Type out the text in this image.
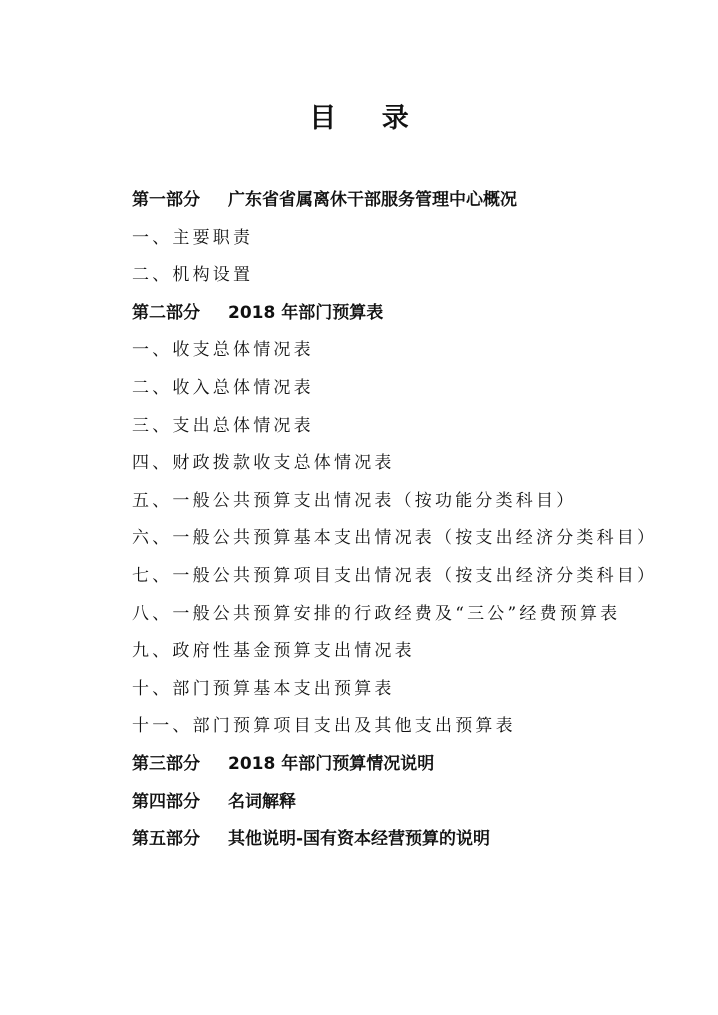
目 录
第一部分 广东省省属离休干部服务管理中心概况
一、主要职责
二、机构设置
第二部分 2018 年部门预算表
一、收支总体情况表
二、收入总体情况表
三、支出总体情况表
四、财政拨款收支总体情况表
五、一般公共预算支出情况表（按功能分类科目）
六、一般公共预算基本支出情况表（按支出经济分类科目）
七、一般公共预算项目支出情况表（按支出经济分类科目）
八、一般公共预算安排的行政经费及“三公”经费预算表
九、政府性基金预算支出情况表
十、部门预算基本支出预算表
十一、部门预算项目支出及其他支出预算表
第三部分 2018 年部门预算情况说明
第四部分 名词解释
第五部分 其他说明-国有资本经营预算的说明
